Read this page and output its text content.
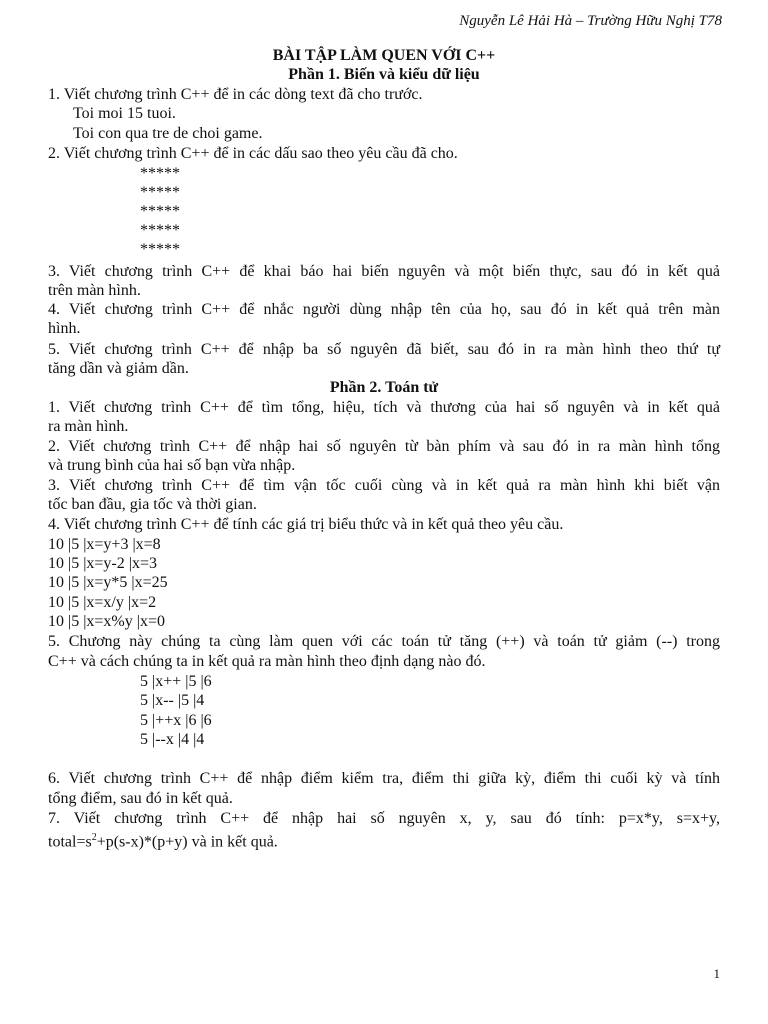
Nguyễn Lê Hải Hà – Trường Hữu Nghị T78
BÀI TẬP LÀM QUEN VỚI C++
Phần 1. Biến và kiểu dữ liệu
1. Viết chương trình C++ để in các dòng text đã cho trước.
Toi moi 15 tuoi.
Toi con qua tre de choi game.
2. Viết chương trình C++ để in các dấu sao theo yêu cầu đã cho.
*****
*****
*****
*****
*****
3. Viết chương trình C++ để khai báo hai biến nguyên và một biến thực, sau đó in kết quả
trên màn hình.
4. Viết chương trình C++ để nhắc người dùng nhập tên của họ, sau đó in kết quả trên màn
hình.
5. Viết chương trình C++ để nhập ba số nguyên đã biết, sau đó in ra màn hình theo thứ tự
tăng dần và giảm dần.
Phần 2. Toán tử
1. Viết chương trình C++ để tìm tổng, hiệu, tích và thương của hai số nguyên và in kết quả
ra màn hình.
2. Viết chương trình C++ để nhập hai số nguyên từ bàn phím và sau đó in ra màn hình tổng
và trung bình của hai số bạn vừa nhập.
3. Viết chương trình C++ để tìm vận tốc cuối cùng và in kết quả ra màn hình khi biết vận
tốc ban đầu, gia tốc và thời gian.
4. Viết chương trình C++ để tính các giá trị biểu thức và in kết quả theo yêu cầu.
10 |5 |x=y+3 |x=8
10 |5 |x=y-2 |x=3
10 |5 |x=y*5 |x=25
10 |5 |x=x/y |x=2
10 |5 |x=x%y |x=0
5. Chương này chúng ta cùng làm quen với các toán tử tăng (++) và toán tử giảm (--) trong
C++ và cách chúng ta in kết quả ra màn hình theo định dạng nào đó.
5 |x++ |5 |6
5 |x-- |5 |4
5 |++x |6 |6
5 |--x |4 |4
6. Viết chương trình C++ để nhập điểm kiểm tra, điểm thi giữa kỳ, điểm thi cuối kỳ và tính
tổng điểm, sau đó in kết quả.
7. Viết chương trình C++ để nhập hai số nguyên x, y, sau đó tính: p=x*y, s=x+y,
$total=s^2+p(s-x)*(p+y)$ và in kết quả.
1
